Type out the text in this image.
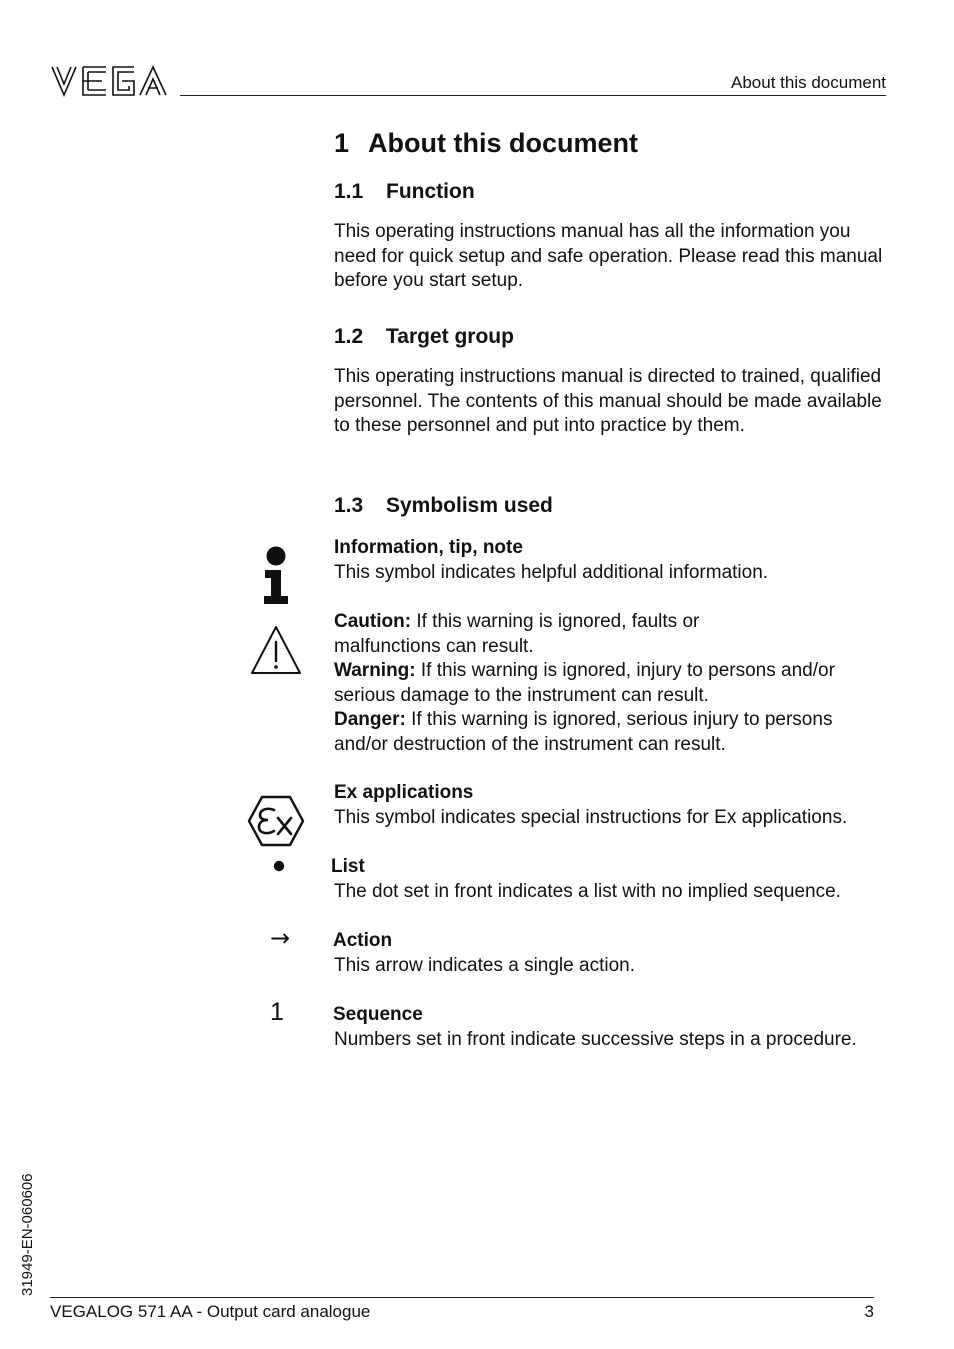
About this document
1 About this document
1.1 Function
This operating instructions manual has all the information you need for quick setup and safe operation. Please read this manual before you start setup.
1.2 Target group
This operating instructions manual is directed to trained, qualified personnel. The contents of this manual should be made available to these personnel and put into practice by them.
1.3 Symbolism used
Information, tip, note
This symbol indicates helpful additional information.

Caution: If this warning is ignored, faults or malfunctions can result.

Warning: If this warning is ignored, injury to persons and/or serious damage to the instrument can result.

Danger: If this warning is ignored, serious injury to persons and/or destruction of the instrument can result.

Ex applications
This symbol indicates special instructions for Ex applications.
List
The dot set in front indicates a list with no implied sequence.
→ Action
This arrow indicates a single action.
1	Sequence
Numbers set in front indicate successive steps in a procedure.
31949-EN-060606
VEGALOG 571 AA - Output card analogue	3
